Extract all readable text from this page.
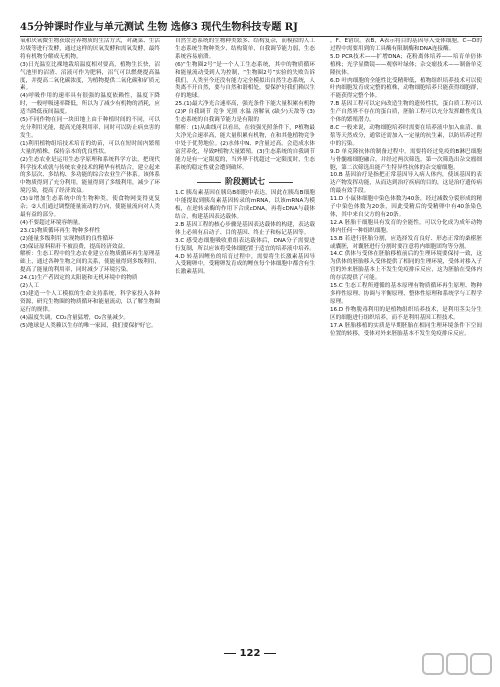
45分钟课时作业与单元测试 生物 选修3 现代生物科技专题 RJ

氧和厌氧微生物获取营养物质的生活方式，对蔬菜、生活垃圾等进行发酵，通过这样的厌氧发酵和需氧发酵，最终将有机物分解成无机物。

(3)日光温室比裸地栽培温度相对要高，植物生长快，沼气池里的沼渣、沼液可作为肥料，沼气可以燃烧提高温度，并提高二氧化碳浓度，为植物提供二氧化碳和矿质元素。

(4)呼吸作用的速率具有很强的温度依赖性，温度下降时，一般呼吸速率降低，所以为了减少有机物的消耗，应适当降低夜间温度。

(5)不同作物在同一块田地上由于种植时间的不同，可以充分利用光能，提高光能利用率，同时可以防止病虫害的发生。

(1)利用植物组培技术培育的幼苗，可以在短时间内繁殖大量的植株，保持亲本的优良性状。

(2)生态农业是运用生态学原理和系统科学方法，把现代科学技术成就与传统农业技术的精华有机结合，建立起来的多层次、多结构、多功能的综合农业生产体系。该体系中物质得到了充分利用，能量得到了多级利用，减少了环境污染，提高了经济效益。

(3)①增加生态系统中的生物种类，使食物网变得更复杂；②人们通过调整能量流动的方向，使能量流向对人类最有益的部分。

(4)不要超过环境容纳量。

23.(1)物质循环再生 物种多样性

(2)能量多级利用 实现物质的良性循环

(3)保证原料秸秆不被浪费，提高经济效益。

解析：生态工程中的生态农业建立在物质循环再生原理基础上，通过各种生物之间的关系，使能量得到多级利用，提高了能量的利用率，同时减少了环境污染。

24.(1)生产者固定的太阳能和无机环境中的物质

(2)人工

(3)建造一个人工模拟的生命支持系统，科学家投入各种资源，研究生物圈的物质循环和能量流动，以了解生物圈运行的规律。

(4)温度失调，CO₂含量猛增，O₂含量减少。

(5)地球是人类赖以生存的唯一家园，我们要保护好它。

自然生态系统的生物种类繁多、结构复杂，而模拟的人工生态系统生物种类少、结构简单，自我调节能力弱，生态系统容易崩溃。

(6)“生物圈2号”是一个人工生态系统，其中的物质循环和能量流动受到人为控制，“生物圈2号”实验的失败告诉我们，人类至今还没有能力完全模拟出自然生态系统，人类离不开自然，要与自然和谐相处，要保护好我们赖以生存的地球。

25.(1)最大净光合速率高，强光条件下能大量积累有机物 (2)P 自我调节 竞争 光照 水温 溶解氧 (缺少)天敌等 (3)生态系统的自我调节能力是有限的

解析：(1)从曲线可以看出，在较强光照条件下，P植物最大净光合速率高，能大量积累有机物，在和其他植物竞争中处于优势地位。(2)水体中N、P含量过高，会造成水体富营养化，导致P植物大量繁殖。(3)生态系统的自我调节能力是有一定限度的，当外界干扰超过一定限度时，生态系统的稳定性就会遭到破坏。

阶段测试七

1.C 胰岛素基因在胰岛B细胞中表达，因此在胰岛B细胞中能提取到胰岛素基因转录的mRNA，以该mRNA为模板，在逆转录酶的作用下合成cDNA，再将cDNA与载体结合，构建基因表达载体。

2.B 基因工程的核心步骤是基因表达载体的构建，表达载体上必须有启动子、目的基因、终止子和标记基因等。

3.C 感受态细胞吸收重组表达载体后，DNA分子需要进行复制，所以应该将受体细胞置于适宜的培养液中培养。

4.D 转基因鲤鱼的培育过程中，需要将生长激素基因导入受精卵中，受精卵发育成的鲤鱼每个体细胞中都含有生长激素基因。

，F、E错误。表B，A表示将目的基因导入受体细胞，C—D的过程中需要用到的工具酶有限制酶和DNA连接酶。

5.D PCR技术——扩增DNA；花粉离体培养——培育单倍体植株；光学显微镜——观察叶绿体；杂交瘤技术——制备单克隆抗体。

6.D 叶肉细胞的全能性比受精卵低，植物组织培养技术可以使叶肉细胞发育成完整的植株，动物细胞培养只能获得细胞群，不能获得完整个体。

7.B 基因工程可以定向改造生物的遗传性状，蛋白质工程可以生产自然界不存在的蛋白质，胚胎工程可以充分发挥雌性优良个体的繁殖潜力。

8.C 一般来说，动物细胞培养时需要在培养液中加入血清、血浆等天然成分，通常还需加入一定量的抗生素，以防培养过程中的污染。

9.D 单克隆抗体的制备过程中，需要将经过免疫的B淋巴细胞与骨髓瘤细胞融合，并经过两次筛选，第一次筛选出杂交瘤细胞，第二次筛选出能产生特异性抗体的杂交瘤细胞。

10.B 基因治疗是指把正常基因导入病人体内，使该基因的表达产物发挥功能，从而达到治疗疾病的目的，这是治疗遗传病的最有效手段。

11.D 小鼠体细胞中染色体数为40条，经过减数分裂形成的精子中染色体数为20条，因此受精后的受精卵中有40条染色体，其中来自父方的有20条。

12.A 胚胎干细胞具有发育的全能性，可以分化成为成年动物体内任何一种组织细胞。

13.B 若进行胚胎分割，应选择发育良好、形态正常的桑椹胚或囊胚，对囊胚进行分割时要注意将内细胞团均等分割。

14.C 供体与受体在胚胎移植前后的生理环境要保持一致，这为供体的胚胎移入受体提供了相同的生理环境，受体对移入子宫的外来胚胎基本上不发生免疫排斥反应，这为胚胎在受体内的存活提供了可能。

15.C 生态工程所遵循的基本原理有物质循环再生原理、物种多样性原理、协调与平衡原理、整体性原理和系统学与工程学原理。

16.D 作物脱毒利用的是植物组织培养技术，是利用茎尖分生区的细胞进行组织培养，而不是利用基因工程技术。

17.A 胚胎移植的实质是早期胚胎在相同生理环境条件下空间位置的转移，受体对外来胚胎基本不发生免疫排斥反应。

122
